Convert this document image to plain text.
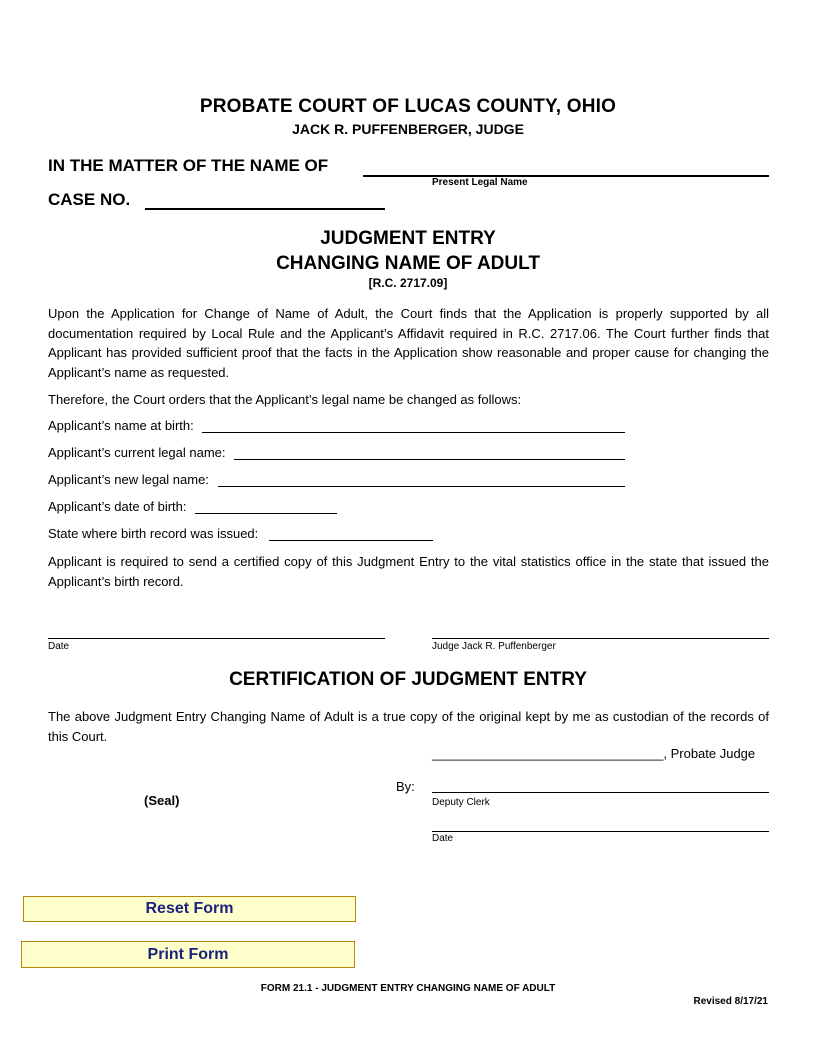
PROBATE COURT OF LUCAS COUNTY, OHIO
JACK R. PUFFENBERGER, JUDGE
IN THE MATTER OF THE NAME OF
Present Legal Name
CASE NO.
JUDGMENT ENTRY
CHANGING NAME OF ADULT
[R.C. 2717.09]
Upon the Application for Change of Name of Adult, the Court finds that the Application is properly supported by all documentation required by Local Rule and the Applicant’s Affidavit required in R.C. 2717.06. The Court further finds that Applicant has provided sufficient proof that the facts in the Application show reasonable and proper cause for changing the Applicant’s name as requested.
Therefore, the Court orders that the Applicant’s legal name be changed as follows:
Applicant’s name at birth:
Applicant’s current legal name:
Applicant’s new legal name:
Applicant’s date of birth:
State where birth record was issued:
Applicant is required to send a certified copy of this Judgment Entry to the vital statistics office in the state that issued the Applicant’s birth record.
Date	Judge Jack R. Puffenberger
CERTIFICATION OF JUDGMENT ENTRY
The above Judgment Entry Changing Name of Adult is a true copy of the original kept by me as custodian of the records of this Court.
________________________________, Probate Judge
By:
Deputy Clerk
(Seal)
Date
Reset Form
Print Form
FORM 21.1 - JUDGMENT ENTRY CHANGING NAME OF ADULT
Revised 8/17/21
